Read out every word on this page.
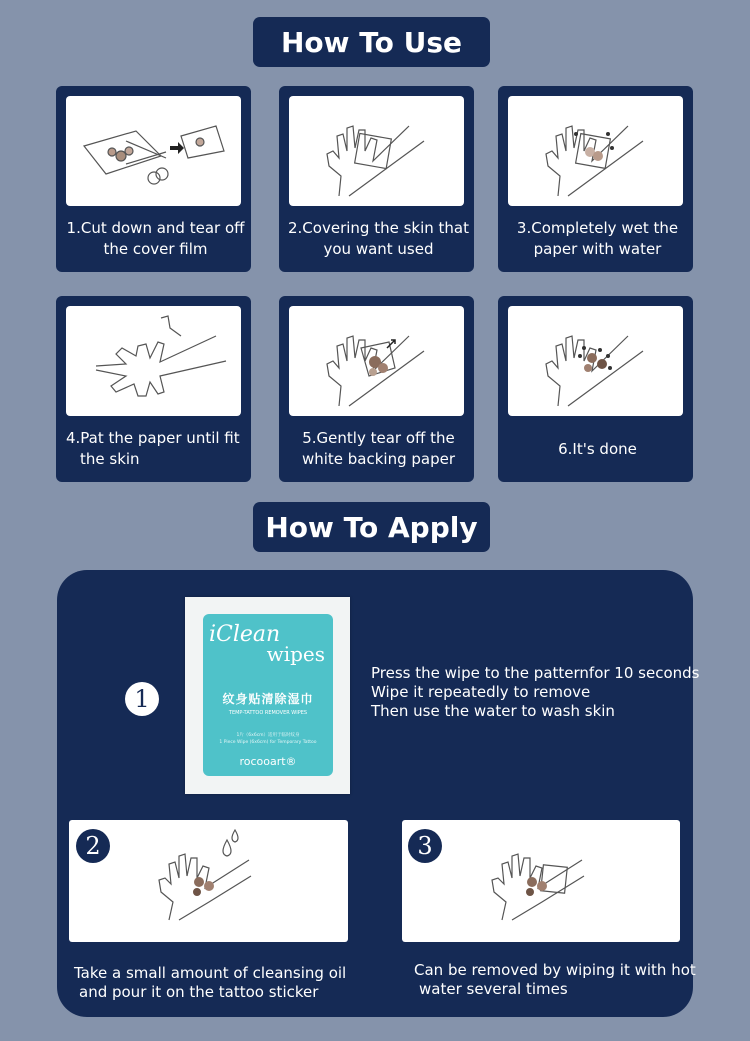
How To Use
1.Cut down and tear off
the cover film
2.Covering the skin that
you want used
3.Completely wet the
paper with water
4.Pat the paper until fit
the skin
5.Gently tear off the
white backing paper
6.It's done
How To Apply
iClean
wipes
纹身贴清除湿巾
TEMP-TATTOO REMOVER WIPES
1片（6x6cm）适用于临时纹身
1 Piece Wipe (6x6cm) for Temporary Tattoo
rocooart®
1
Press the wipe to the patternfor 10 seconds
Wipe it repeatedly to remove
Then use the water to wash skin
2	3
Take a small amount of cleansing oil
and pour it on the tattoo sticker
Can be removed by wiping it with hot
water several times
